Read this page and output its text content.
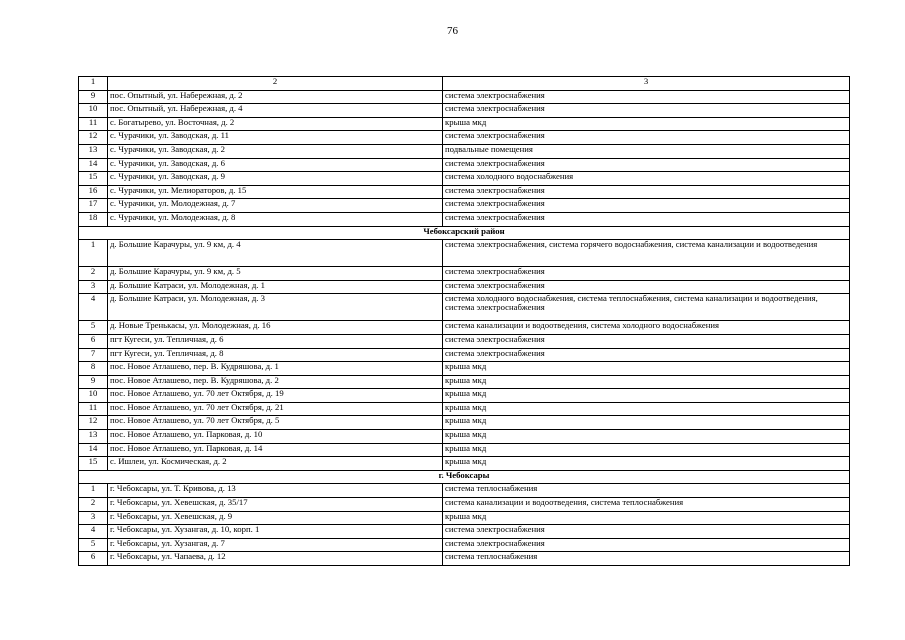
76
1	2	3
9	пос. Опытный, ул. Набережная, д. 2	система электроснабжения
10	пос. Опытный, ул. Набережная, д. 4	система электроснабжения
11	с. Богатырево, ул. Восточная, д. 2	крыша мкд
12	с. Чурачики, ул. Заводская, д. 11	система электроснабжения
13	с. Чурачики, ул. Заводская, д. 2	подвальные помещения
14	с. Чурачики, ул. Заводская, д. 6	система электроснабжения
15	с. Чурачики, ул. Заводская, д. 9	система холодного водоснабжения
16	с. Чурачики, ул. Мелиораторов, д. 15	система электроснабжения
17	с. Чурачики, ул. Молодежная, д. 7	система электроснабжения
18	с. Чурачики, ул. Молодежная, д. 8	система электроснабжения
Чебоксарский район		
1	д. Большие Карачуры, ул. 9 км, д. 4	система электроснабжения, система горячего водоснабжения, система канализации и водоотведения
2	д. Большие Карачуры, ул. 9 км, д. 5	система электроснабжения
3	д. Большие Катраси, ул. Молодежная, д. 1	система электроснабжения
4	д. Большие Катраси, ул. Молодежная, д. 3	система холодного водоснабжения, система теплоснабжения, система канализации и водоотведения, система электроснабжения
5	д. Новые Тренькасы, ул. Молодежная, д. 16	система канализации и водоотведения, система холодного водоснабжения
6	пгт Кугеси, ул. Тепличная, д. 6	система электроснабжения
7	пгт Кугеси, ул. Тепличная, д. 8	система электроснабжения
8	пос. Новое Атлашево, пер. В. Кудряшова, д. 1	крыша мкд
9	пос. Новое Атлашево, пер. В. Кудряшова, д. 2	крыша мкд
10	пос. Новое Атлашево, ул. 70 лет Октября, д. 19	крыша мкд
11	пос. Новое Атлашево, ул. 70 лет Октября, д. 21	крыша мкд
12	пос. Новое Атлашево, ул. 70 лет Октября, д. 5	крыша мкд
13	пос. Новое Атлашево, ул. Парковая, д. 10	крыша мкд
14	пос. Новое Атлашево, ул. Парковая, д. 14	крыша мкд
15	с. Ишлеи, ул. Космическая, д. 2	крыша мкд
г. Чебоксары		
1	г. Чебоксары, ул. Т. Кривова, д. 13	система теплоснабжения
2	г. Чебоксары, ул. Хевешская, д. 35/17	система канализации и водоотведения, система теплоснабжения
3	г. Чебоксары, ул. Хевешская, д. 9	крыша мкд
4	г. Чебоксары, ул. Хузангая, д. 10, корп. 1	система электроснабжения
5	г. Чебоксары, ул. Хузангая, д. 7	система электроснабжения
6	г. Чебоксары, ул. Чапаева, д. 12	система теплоснабжения
